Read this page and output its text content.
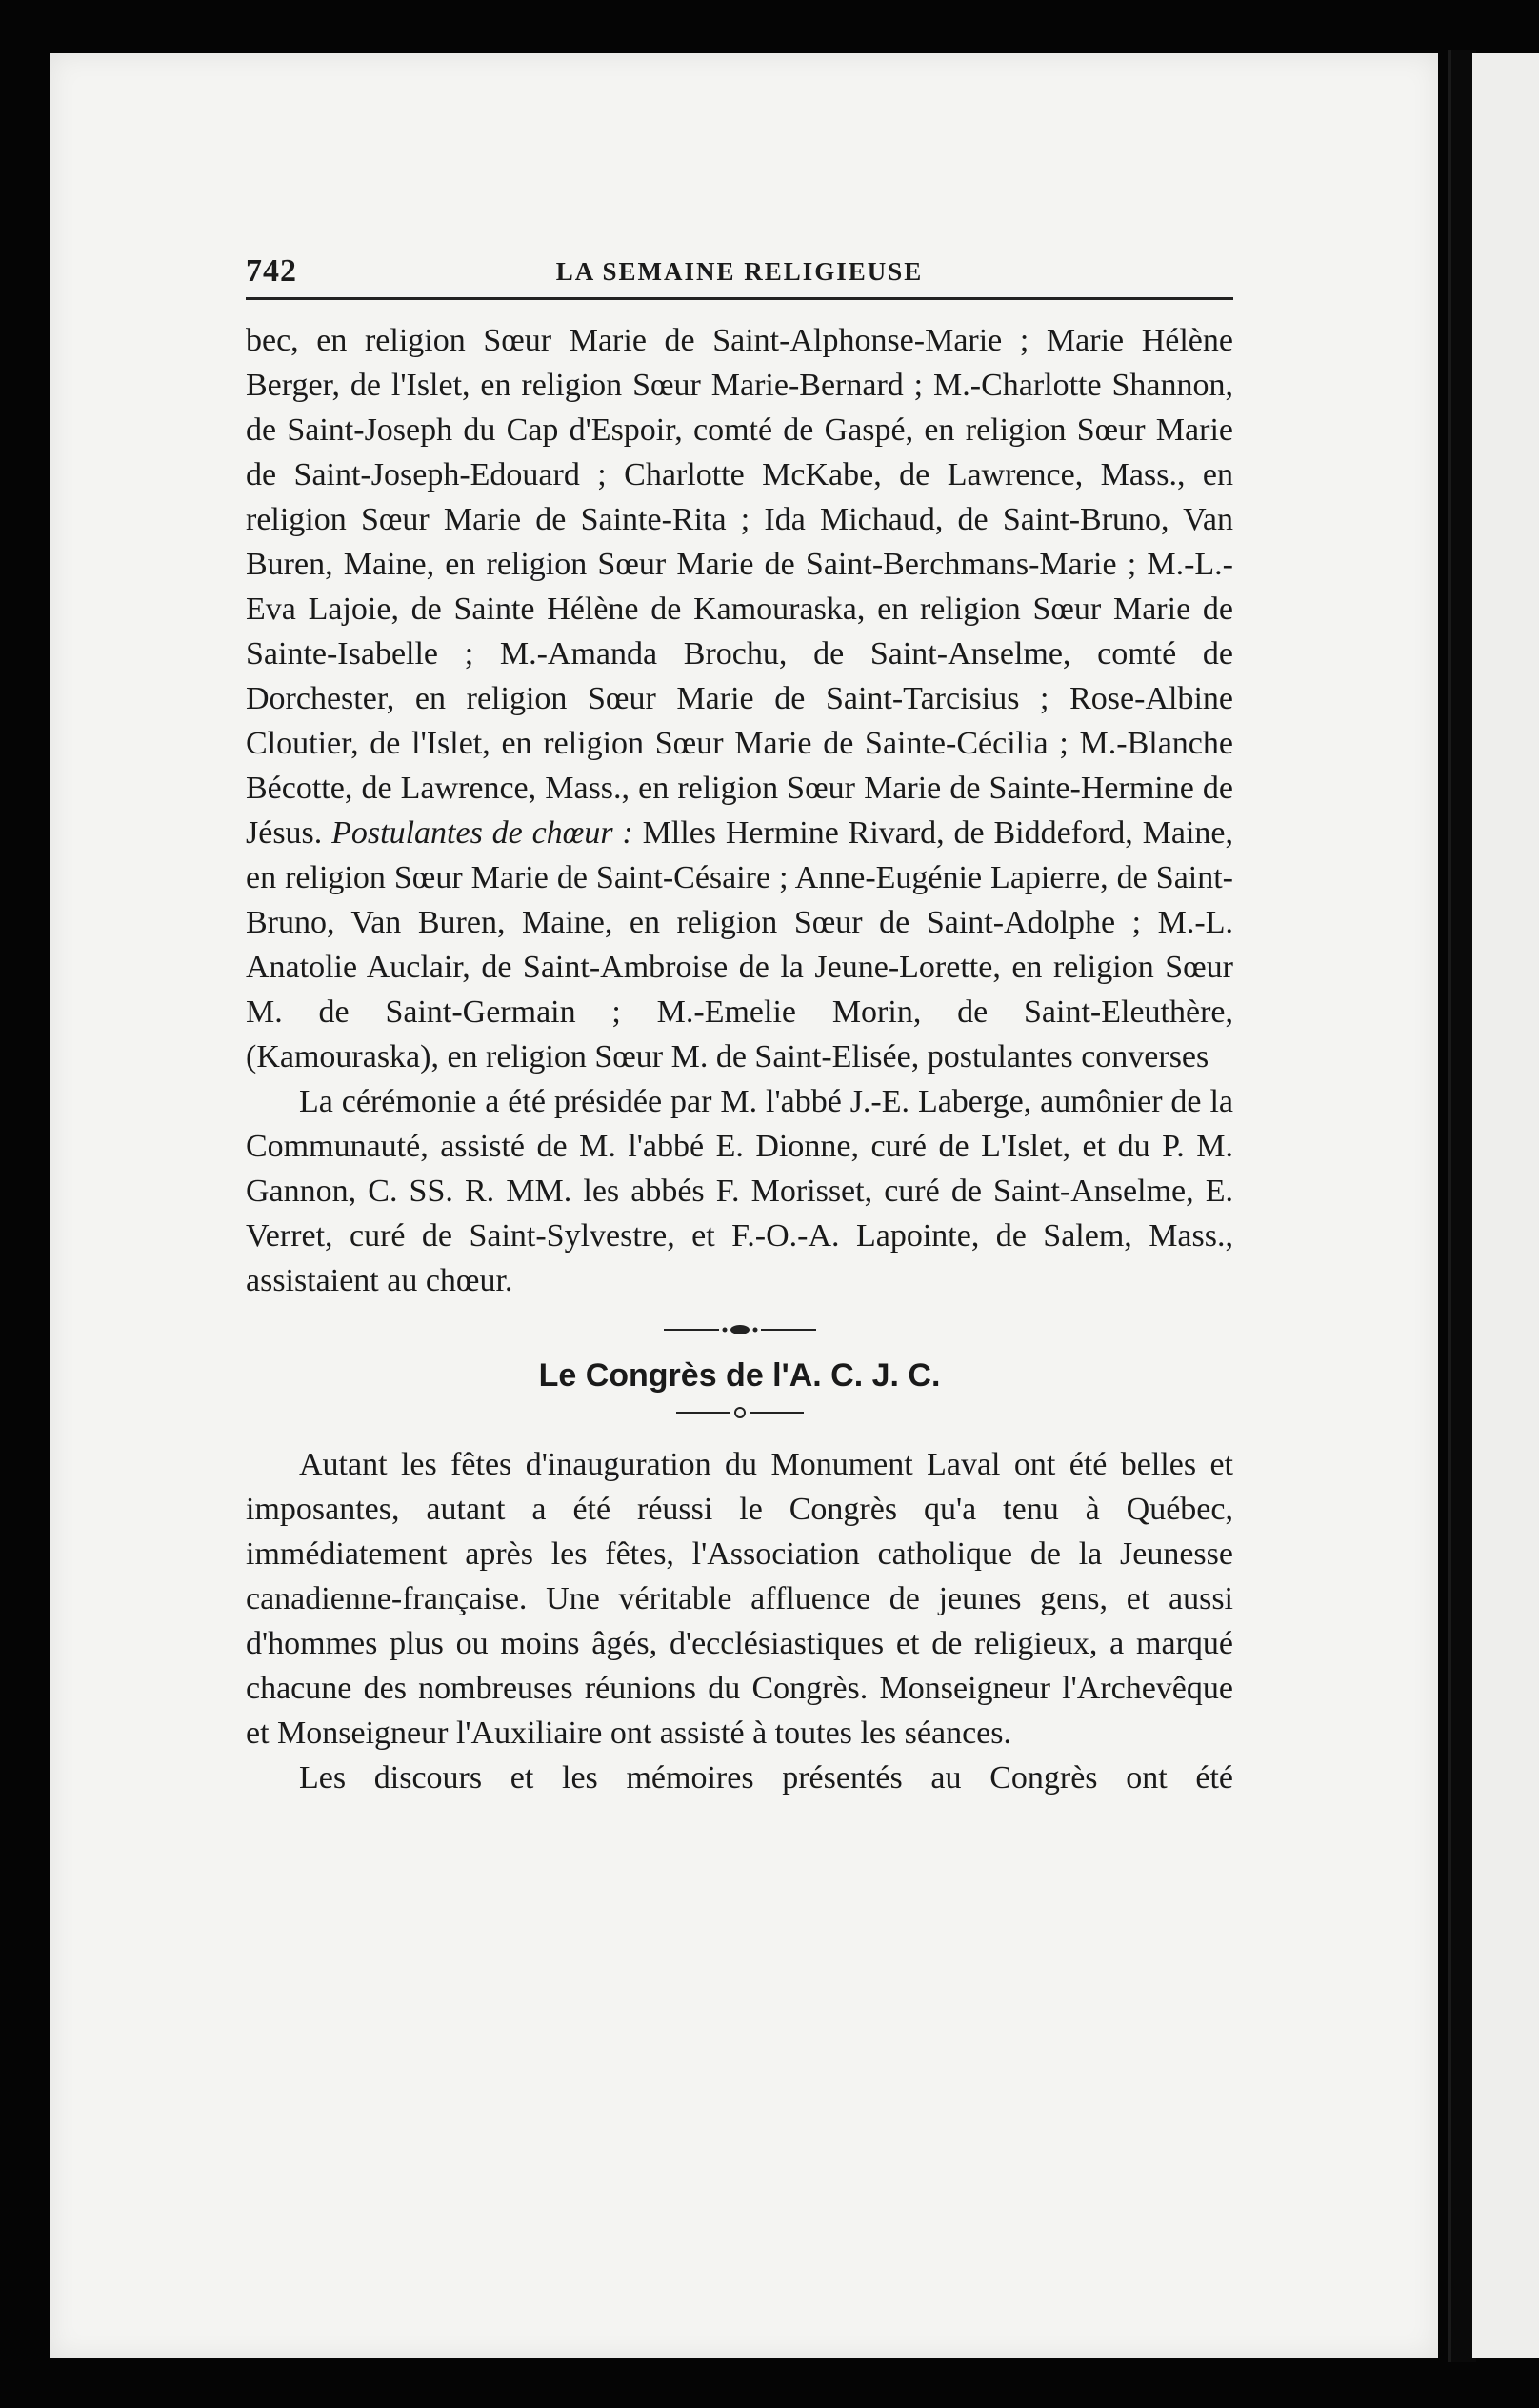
742	LA SEMAINE RELIGIEUSE

bec, en religion Sœur Marie de Saint-Alphonse-Marie ; Marie Hélène Berger, de l'Islet, en religion Sœur Marie-Bernard ; M.-Charlotte Shannon, de Saint-Joseph du Cap d'Espoir, comté de Gaspé, en religion Sœur Marie de Saint-Joseph-Edouard ; Charlotte McKabe, de Lawrence, Mass., en religion Sœur Marie de Sainte-Rita ; Ida Michaud, de Saint-Bruno, Van Buren, Maine, en religion Sœur Marie de Saint-Berchmans-Marie ; M.-L.-Eva Lajoie, de Sainte Hélène de Kamouraska, en religion Sœur Marie de Sainte-Isabelle ; M.-Amanda Brochu, de Saint-Anselme, comté de Dorchester, en religion Sœur Marie de Saint-Tarcisius ; Rose-Albine Cloutier, de l'Islet, en religion Sœur Marie de Sainte-Cécilia ; M.-Blanche Bécotte, de Lawrence, Mass., en religion Sœur Marie de Sainte-Hermine de Jésus. Postulantes de chœur : Mlles Hermine Rivard, de Biddeford, Maine, en religion Sœur Marie de Saint-Césaire ; Anne-Eugénie Lapierre, de Saint-Bruno, Van Buren, Maine, en religion Sœur de Saint-Adolphe ; M.-L. Anatolie Auclair, de Saint-Ambroise de la Jeune-Lorette, en religion Sœur M. de Saint-Germain ; M.-Emelie Morin, de Saint-Eleuthère, (Kamouraska), en religion Sœur M. de Saint-Elisée, postulantes converses

La cérémonie a été présidée par M. l'abbé J.-E. Laberge, aumônier de la Communauté, assisté de M. l'abbé E. Dionne, curé de L'Islet, et du P. M. Gannon, C. SS. R. MM. les abbés F. Morisset, curé de Saint-Anselme, E. Verret, curé de Saint-Sylvestre, et F.-O.-A. Lapointe, de Salem, Mass., assistaient au chœur.

Le Congrès de l'A. C. J. C.

Autant les fêtes d'inauguration du Monument Laval ont été belles et imposantes, autant a été réussi le Congrès qu'a tenu à Québec, immédiatement après les fêtes, l'Association catholique de la Jeunesse canadienne-française. Une véritable affluence de jeunes gens, et aussi d'hommes plus ou moins âgés, d'ecclésiastiques et de religieux, a marqué chacune des nombreuses réunions du Congrès. Monseigneur l'Archevêque et Monseigneur l'Auxiliaire ont assisté à toutes les séances.

Les discours et les mémoires présentés au Congrès ont été
